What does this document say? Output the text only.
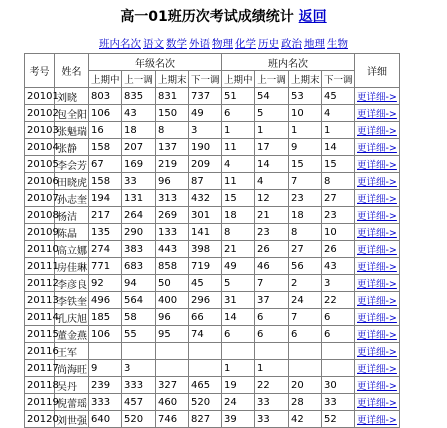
高一01班历次考试成绩统计 返回
班内名次 语文 数学 外语 物理 化学 历史 政治 地理 生物
考号	姓名	年级名次				班内名次				详细
		上期中	上一调	上期末	下一调	上期中	上一调	上期末	下一调	
20101	刘晓	803	835	831	737	51	54	53	45	更详细->
20102	包全阳	106	43	150	49	6	5	10	4	更详细->
20103	张魁瑞	16	18	8	3	1	1	1	1	更详细->
20104	张静	158	207	137	190	11	17	9	14	更详细->
20105	李会芳	67	169	219	209	4	14	15	15	更详细->
20106	田晓虎	158	33	96	87	11	4	7	8	更详细->
20107	孙志奎	194	131	313	432	15	12	23	27	更详细->
20108	杨洁	217	264	269	301	18	21	18	23	更详细->
20109	陈晶	135	290	133	141	8	23	8	10	更详细->
20110	高立娜	274	383	443	398	21	26	27	26	更详细->
20111	房佳琳	771	683	858	719	49	46	56	43	更详细->
20112	李彦良	92	94	50	45	5	7	2	3	更详细->
20113	李铁奎	496	564	400	296	31	37	24	22	更详细->
20114	孔庆旭	185	58	96	66	14	6	7	6	更详细->
20115	董金燕	106	55	95	74	6	6	6	6	更详细->
20116	王军									更详细->
20117	尚海旺	9	3			1	1			更详细->
20118	吴丹	239	333	327	465	19	22	20	30	更详细->
20119	倪蕾瑶	333	457	460	520	24	33	28	33	更详细->
20120	刘世强	640	520	746	827	39	33	42	52	更详细->
